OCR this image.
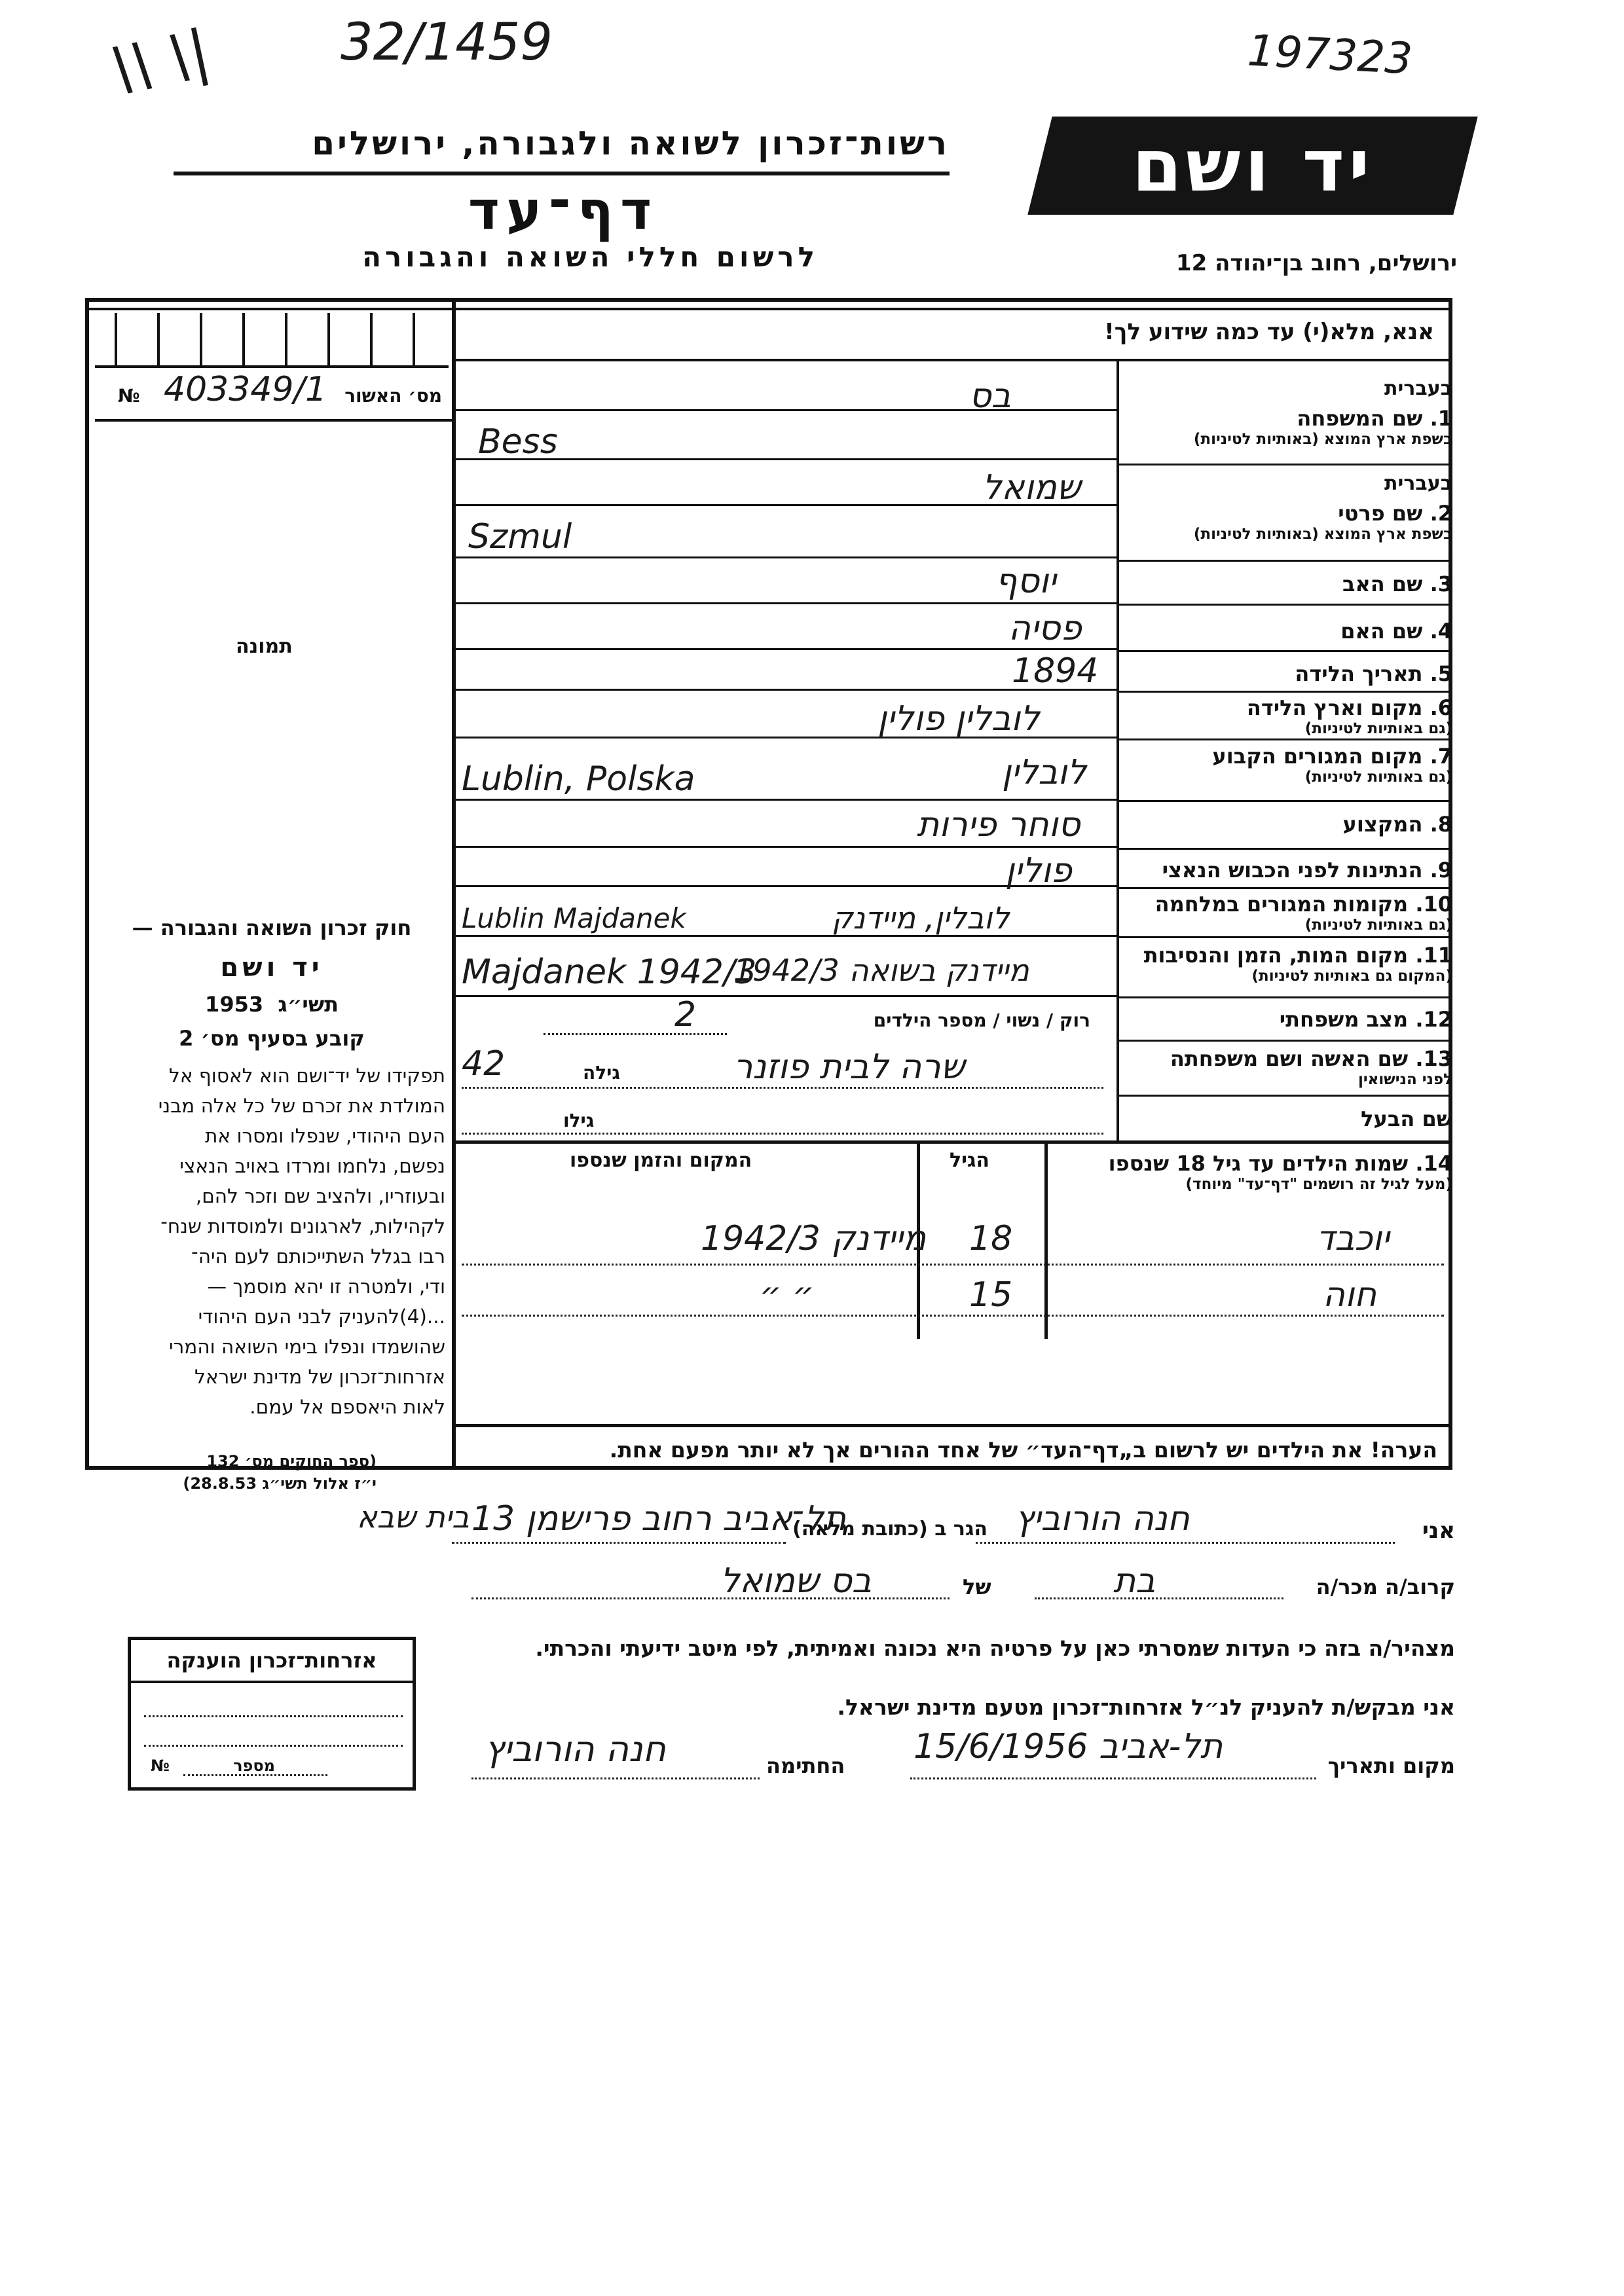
\\ \| 32/1459	197323
רשות־זכרון לשואה ולגבורה, ירושלים
דף־עד
לרשום חללי השואה והגבורה
יד ושם
ירושלים, רחוב בן־יהודה 12
אנא, מלא(י) עד כמה שידוע לך!
№ 403349/1 מס׳ האשור
תמונה
בעברית
1. שם המשפחה
בשפת ארץ המוצא (באותיות לטיניות)
בס
Bess
בעברית
2. שם פרטי
בשפת ארץ המוצא (באותיות לטיניות)
שמואל
Szmul
3. שם האב
יוסף
4. שם האם
פסיה
5. תאריך הלידה
1894
6. מקום וארץ הלידה
(גם באותיות לטיניות)
לובלין פולין
7. מקום המגורים הקבוע
(גם באותיות לטיניות)
לובלין
Lublin, Polska
8. המקצוע
סוחר פירות
9. הנתינות לפני הכבוש הנאצי
פולין
10. מקומות המגורים במלחמה
(גם באותיות לטיניות)
לובלין, מיידנק
Lublin Majdanek
11. מקום המות, הזמן והנסיבות
(המקום גם באותיות לטיניות)
מיידנק בשואה 1942/3
Majdanek 1942/3
12. מצב משפחתי
רוק / נשוי / מספר הילדים
2
13. שם האשה ושם משפחתה
לפני הנישואין
שרה לבית פוזנר
גילה
42
שם הבעל
גילו
14. שמות הילדים עד גיל 18 שנספו
(מעל לגיל זה רושמים "דף־עד" מיוחד)
הגיל
המקום והזמן שנספו
יוכבד
18
מיידנק 1942/3
חוה
15
״ ״
הערה! את הילדים יש לרשום ב„דף־העד״ של אחד ההורים אך לא יותר מפעם אחת.
חוק זכרון השואה והגבורה —
יד ושם
1953 תשי״ג
קובע בסעיף מס׳ 2

תפקידו של יד־ושם הוא לאסוף אל

המולדת את זכרם של כל אלה מבני

העם היהודי, שנפלו ומסרו את

נפשם, נלחמו ומרדו באויב הנאצי

ובעוזריו, ולהציב שם וזכר להם,

לקהילות, לארגונים ולמוסדות שנח־

רבו בגלל השתייכותם לעם היה־

ודי, ולמטרה זו יהא מוסמך —

...(4)להעניק לבני העם היהודי

שהושמדו ונפלו בימי השואה והמרי

אזרחות־זכרון של מדינת ישראל

לאות היאספם אל עמם.

(ספר החוקים מס׳ 132
י״ז אלול תשי״ג 28.8.53)
אני
חנה הורוביץ
הגר ב (כתובת מלאה)
תל־אביב רחוב פרישמן 13
בית שבא
קרוב/ה מכר/ה
בת
של
בס שמואל
מצהיר/ה בזה כי העדות שמסרתי כאן על פרטיה היא נכונה ואמיתית, לפי מיטב ידיעתי והכרתי.
אני מבקש/ת להעניק לנ״ל אזרחות־זכרון מטעם מדינת ישראל.
מקום ותאריך
תל-אביב 15/6/1956
החתימה
חנה הורוביץ
אזרחות־זכרון הוענקה
№	מספר
